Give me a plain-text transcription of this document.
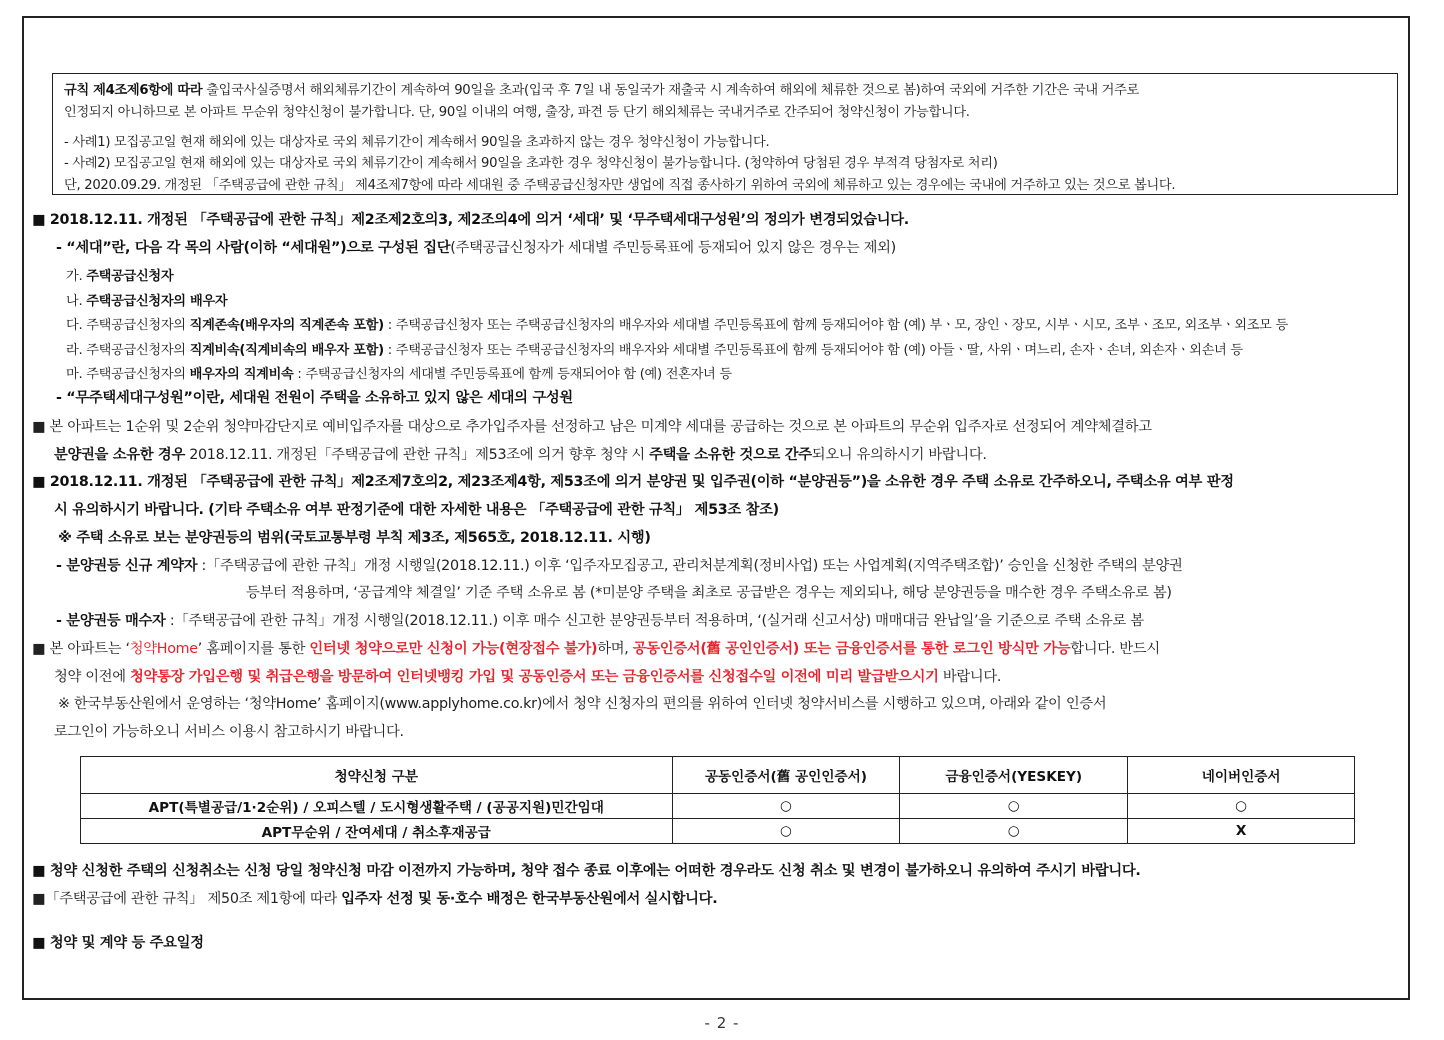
규칙 제4조제6항에 따라 출입국사실증명서 해외체류기간이 계속하여 90일을 초과(입국 후 7일 내 동일국가 재출국 시 계속하여 해외에 체류한 것으로 봄)하여 국외에 거주한 기간은 국내 거주로
인정되지 아니하므로 본 아파트 무순위 청약신청이 불가합니다. 단, 90일 이내의 여행, 출장, 파견 등 단기 해외체류는 국내거주로 간주되어 청약신청이 가능합니다.
- 사례1) 모집공고일 현재 해외에 있는 대상자로 국외 체류기간이 계속해서 90일을 초과하지 않는 경우 청약신청이 가능합니다.
- 사례2) 모집공고일 현재 해외에 있는 대상자로 국외 체류기간이 계속해서 90일을 초과한 경우 청약신청이 불가능합니다. (청약하여 당첨된 경우 부적격 당첨자로 처리)
단, 2020.09.29. 개정된 「주택공급에 관한 규칙」 제4조제7항에 따라 세대원 중 주택공급신청자만 생업에 직접 종사하기 위하여 국외에 체류하고 있는 경우에는 국내에 거주하고 있는 것으로 봅니다.
■ 2018.12.11. 개정된 「주택공급에 관한 규칙」제2조제2호의3, 제2조의4에 의거 ‘세대’ 및 ‘무주택세대구성원’의 정의가 변경되었습니다.
- “세대”란, 다음 각 목의 사람(이하 “세대원”)으로 구성된 집단(주택공급신청자가 세대별 주민등록표에 등재되어 있지 않은 경우는 제외)
가. 주택공급신청자
나. 주택공급신청자의 배우자
다. 주택공급신청자의 직계존속(배우자의 직계존속 포함) : 주택공급신청자 또는 주택공급신청자의 배우자와 세대별 주민등록표에 함께 등재되어야 함 (예) 부ㆍ모, 장인ㆍ장모, 시부ㆍ시모, 조부ㆍ조모, 외조부ㆍ외조모 등
라. 주택공급신청자의 직계비속(직계비속의 배우자 포함) : 주택공급신청자 또는 주택공급신청자의 배우자와 세대별 주민등록표에 함께 등재되어야 함 (예) 아들ㆍ딸, 사위ㆍ며느리, 손자ㆍ손녀, 외손자ㆍ외손녀 등
마. 주택공급신청자의 배우자의 직계비속 : 주택공급신청자의 세대별 주민등록표에 함께 등재되어야 함 (예) 전혼자녀 등
- “무주택세대구성원”이란, 세대원 전원이 주택을 소유하고 있지 않은 세대의 구성원
■ 본 아파트는 1순위 및 2순위 청약마감단지로 예비입주자를 대상으로 추가입주자를 선정하고 남은 미계약 세대를 공급하는 것으로 본 아파트의 무순위 입주자로 선정되어 계약체결하고
분양권을 소유한 경우 2018.12.11. 개정된「주택공급에 관한 규칙」제53조에 의거 향후 청약 시 주택을 소유한 것으로 간주되오니 유의하시기 바랍니다.
■ 2018.12.11. 개정된 「주택공급에 관한 규칙」제2조제7호의2, 제23조제4항, 제53조에 의거 분양권 및 입주권(이하 “분양권등”)을 소유한 경우 주택 소유로 간주하오니, 주택소유 여부 판정
시 유의하시기 바랍니다. (기타 주택소유 여부 판정기준에 대한 자세한 내용은 「주택공급에 관한 규칙」 제53조 참조)
※ 주택 소유로 보는 분양권등의 범위(국토교통부령 부칙 제3조, 제565호, 2018.12.11. 시행)
- 분양권등 신규 계약자 :「주택공급에 관한 규칙」개정 시행일(2018.12.11.) 이후 ‘입주자모집공고, 관리처분계획(정비사업) 또는 사업계획(지역주택조합)’ 승인을 신청한 주택의 분양권
등부터 적용하며, ‘공급계약 체결일’ 기준 주택 소유로 봄 (*미분양 주택을 최초로 공급받은 경우는 제외되나, 해당 분양권등을 매수한 경우 주택소유로 봄)
- 분양권등 매수자 :「주택공급에 관한 규칙」개정 시행일(2018.12.11.) 이후 매수 신고한 분양권등부터 적용하며, ‘(실거래 신고서상) 매매대금 완납일’을 기준으로 주택 소유로 봄
■ 본 아파트는 ‘청약Home’ 홈페이지를 통한 인터넷 청약으로만 신청이 가능(현장접수 불가)하며, 공동인증서(舊 공인인증서) 또는 금융인증서를 통한 로그인 방식만 가능합니다. 반드시
청약 이전에 청약통장 가입은행 및 취급은행을 방문하여 인터넷뱅킹 가입 및 공동인증서 또는 금융인증서를 신청접수일 이전에 미리 발급받으시기 바랍니다.
※ 한국부동산원에서 운영하는 ‘청약Home’ 홈페이지(www.applyhome.co.kr)에서 청약 신청자의 편의를 위하여 인터넷 청약서비스를 시행하고 있으며, 아래와 같이 인증서
로그인이 가능하오니 서비스 이용시 참고하시기 바랍니다.
청약신청 구분	공동인증서(舊 공인인증서)	금융인증서(YESKEY)	네이버인증서
APT(특별공급/1·2순위) / 오피스텔 / 도시형생활주택 / (공공지원)민간임대	○	○	○
APT무순위 / 잔여세대 / 취소후재공급	○	○	X
■ 청약 신청한 주택의 신청취소는 신청 당일 청약신청 마감 이전까지 가능하며, 청약 접수 종료 이후에는 어떠한 경우라도 신청 취소 및 변경이 불가하오니 유의하여 주시기 바랍니다.
■「주택공급에 관한 규칙」 제50조 제1항에 따라 입주자 선정 및 동·호수 배정은 한국부동산원에서 실시합니다.
■ 청약 및 계약 등 주요일정
- 2 -
